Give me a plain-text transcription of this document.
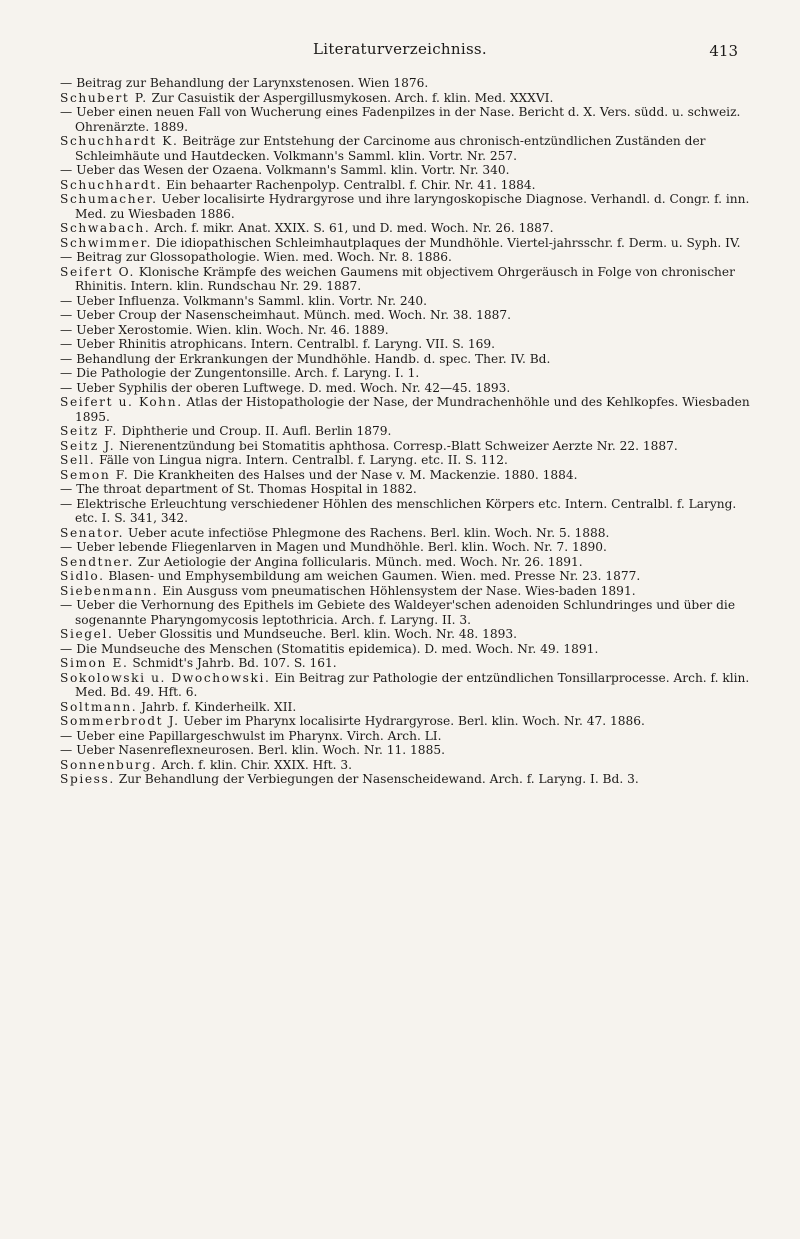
Literaturverzeichniss.	413

— Beitrag zur Behandlung der Larynxstenosen. Wien 1876.

Schubert P. Zur Casuistik der Aspergillusmykosen. Arch. f. klin. Med. XXXVI.

— Ueber einen neuen Fall von Wucherung eines Fadenpilzes in der Nase. Bericht d. X. Vers. südd. u. schweiz. Ohrenärzte. 1889.

Schuchhardt K. Beiträge zur Entstehung der Carcinome aus chronisch-entzündlichen Zuständen der Schleimhäute und Hautdecken. Volkmann's Samml. klin. Vortr. Nr. 257.

— Ueber das Wesen der Ozaena. Volkmann's Samml. klin. Vortr. Nr. 340.

Schuchhardt. Ein behaarter Rachenpolyp. Centralbl. f. Chir. Nr. 41. 1884.

Schumacher. Ueber localisirte Hydrargyrose und ihre laryngoskopische Diagnose. Verhandl. d. Congr. f. inn. Med. zu Wiesbaden 1886.

Schwabach. Arch. f. mikr. Anat. XXIX. S. 61, und D. med. Woch. Nr. 26. 1887.

Schwimmer. Die idiopathischen Schleimhautplaques der Mundhöhle. Viertel-jahrsschr. f. Derm. u. Syph. IV.

— Beitrag zur Glossopathologie. Wien. med. Woch. Nr. 8. 1886.

Seifert O. Klonische Krämpfe des weichen Gaumens mit objectivem Ohrgeräusch in Folge von chronischer Rhinitis. Intern. klin. Rundschau Nr. 29. 1887.

— Ueber Influenza. Volkmann's Samml. klin. Vortr. Nr. 240.

— Ueber Croup der Nasenscheimhaut. Münch. med. Woch. Nr. 38. 1887.

— Ueber Xerostomie. Wien. klin. Woch. Nr. 46. 1889.

— Ueber Rhinitis atrophicans. Intern. Centralbl. f. Laryng. VII. S. 169.

— Behandlung der Erkrankungen der Mundhöhle. Handb. d. spec. Ther. IV. Bd.

— Die Pathologie der Zungentonsille. Arch. f. Laryng. I. 1.

— Ueber Syphilis der oberen Luftwege. D. med. Woch. Nr. 42—45. 1893.

Seifert u. Kohn. Atlas der Histopathologie der Nase, der Mundrachenhöhle und des Kehlkopfes. Wiesbaden 1895.

Seitz F. Diphtherie und Croup. II. Aufl. Berlin 1879.

Seitz J. Nierenentzündung bei Stomatitis aphthosa. Corresp.-Blatt Schweizer Aerzte Nr. 22. 1887.

Sell. Fälle von Lingua nigra. Intern. Centralbl. f. Laryng. etc. II. S. 112.

Semon F. Die Krankheiten des Halses und der Nase v. M. Mackenzie. 1880. 1884.

— The throat department of St. Thomas Hospital in 1882.

— Elektrische Erleuchtung verschiedener Höhlen des menschlichen Körpers etc. Intern. Centralbl. f. Laryng. etc. I. S. 341, 342.

Senator. Ueber acute infectiöse Phlegmone des Rachens. Berl. klin. Woch. Nr. 5. 1888.

— Ueber lebende Fliegenlarven in Magen und Mundhöhle. Berl. klin. Woch. Nr. 7. 1890.

Sendtner. Zur Aetiologie der Angina follicularis. Münch. med. Woch. Nr. 26. 1891.

Sidlo. Blasen- und Emphysembildung am weichen Gaumen. Wien. med. Presse Nr. 23. 1877.

Siebenmann. Ein Ausguss vom pneumatischen Höhlensystem der Nase. Wies-baden 1891.

— Ueber die Verhornung des Epithels im Gebiete des Waldeyer'schen adenoiden Schlundringes und über die sogenannte Pharyngomycosis leptothricia. Arch. f. Laryng. II. 3.

Siegel. Ueber Glossitis und Mundseuche. Berl. klin. Woch. Nr. 48. 1893.

— Die Mundseuche des Menschen (Stomatitis epidemica). D. med. Woch. Nr. 49. 1891.

Simon E. Schmidt's Jahrb. Bd. 107. S. 161.

Sokolowski u. Dwochowski. Ein Beitrag zur Pathologie der entzündlichen Tonsillarprocesse. Arch. f. klin. Med. Bd. 49. Hft. 6.

Soltmann. Jahrb. f. Kinderheilk. XII.

Sommerbrodt J. Ueber im Pharynx localisirte Hydrargyrose. Berl. klin. Woch. Nr. 47. 1886.

— Ueber eine Papillargeschwulst im Pharynx. Virch. Arch. LI.

— Ueber Nasenreflexneurosen. Berl. klin. Woch. Nr. 11. 1885.

Sonnenburg. Arch. f. klin. Chir. XXIX. Hft. 3.

Spiess. Zur Behandlung der Verbiegungen der Nasenscheidewand. Arch. f. Laryng. I. Bd. 3.
